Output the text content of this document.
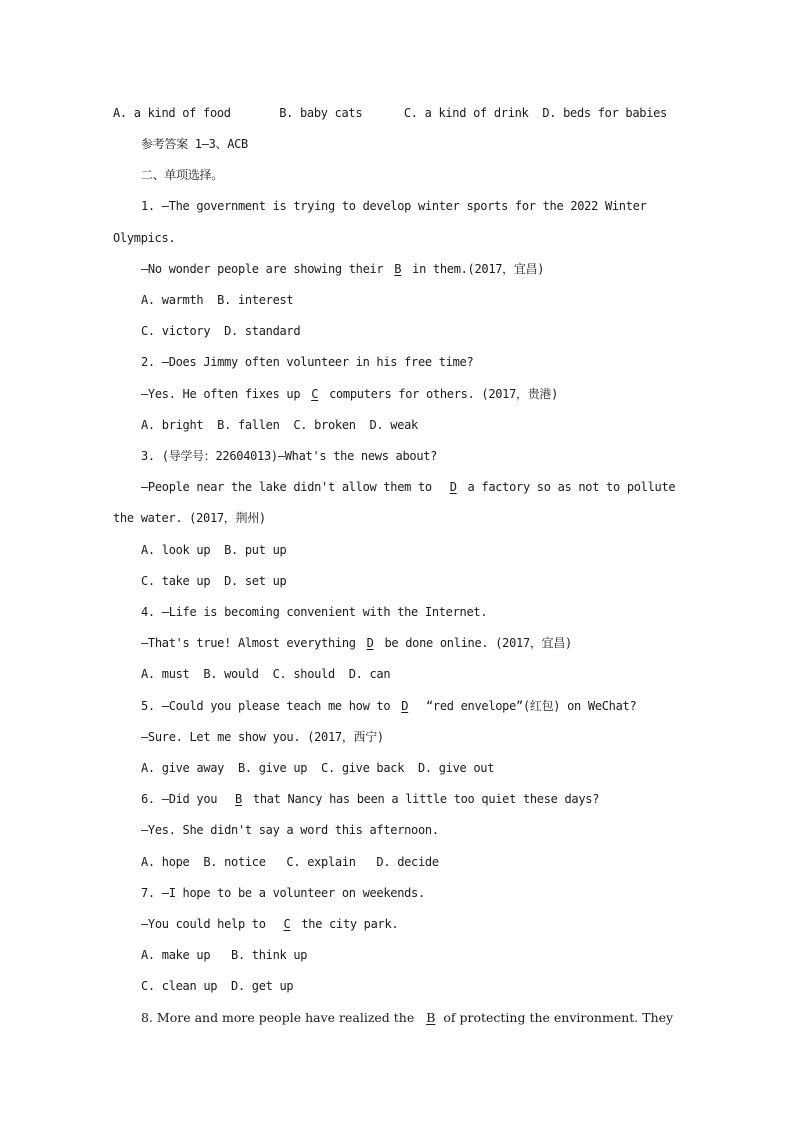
A. a kind of food       B. baby cats      C. a kind of drink  D. beds for babies
参考答案 1—3、ACB
二、单项选择。
1. —The government is trying to develop winter sports for the 2022 Winter
Olympics.
—No wonder people are showing their B in them.(2017，宜昌)
A. warmth  B. interest
C. victory  D. standard
2. —Does Jimmy often volunteer in his free time?
—Yes. He often fixes up C computers for others. (2017，贵港)
A. bright  B. fallen  C. broken  D. weak
3. (导学号：22604013)—What's the news about?
—People near the lake didn't allow them to  D a factory so as not to pollute
the water. (2017，荆州)
A. look up  B. put up
C. take up  D. set up
4. —Life is becoming convenient with the Internet.
—That's true! Almost everything D be done online. (2017，宜昌)
A. must  B. would  C. should  D. can
5. —Could you please teach me how to D  “red envelope”(红包) on WeChat?
—Sure. Let me show you. (2017，西宁)
A. give away  B. give up  C. give back  D. give out
6. —Did you  B that Nancy has been a little too quiet these days?
—Yes. She didn't say a word this afternoon.
A. hope  B. notice   C. explain   D. decide
7. —I hope to be a volunteer on weekends.
—You could help to  C the city park.
A. make up   B. think up
C. clean up  D. get up
8. More and more people have realized the  B of protecting the environment. They
